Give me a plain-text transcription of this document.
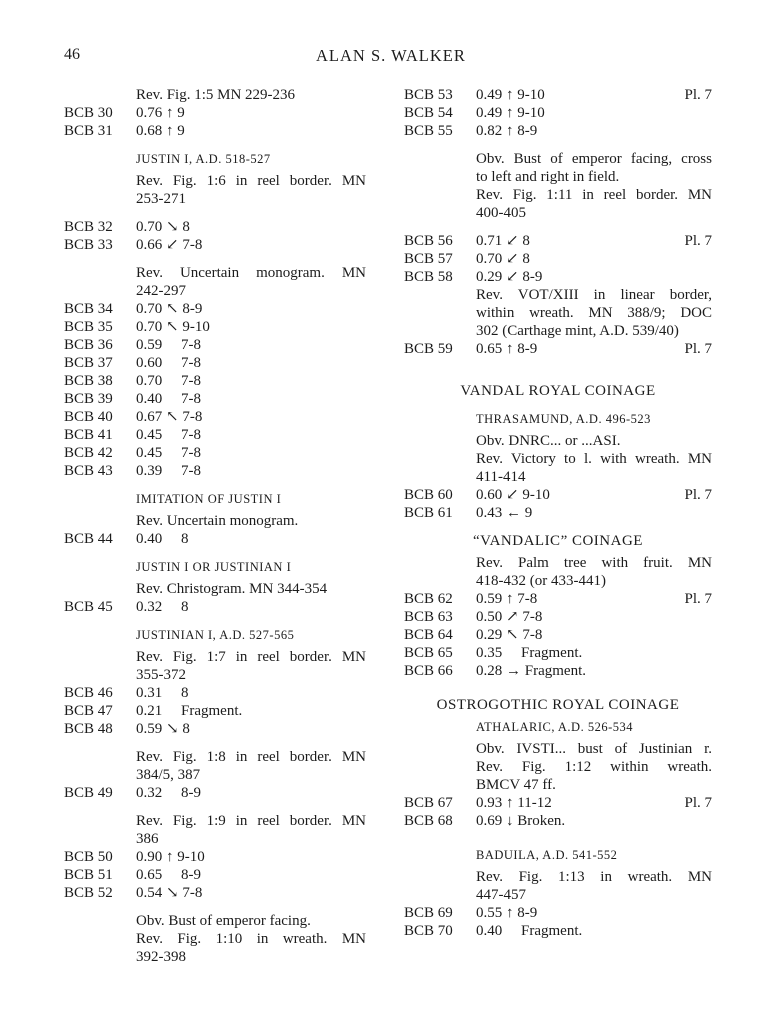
46	ALAN S. WALKER
Rev. Fig. 1:5 MN 229-236
BCB 30	0.76 ↑ 9
BCB 31	0.68 ↑ 9
JUSTIN I, A.D. 518-527
Rev. Fig. 1:6 in reel border. MN
253-271
BCB 32	0.70 ↘ 8
BCB 33	0.66 ↙ 7-8
Rev. Uncertain monogram. MN
242-297
BCB 34	0.70 ↖ 8-9
BCB 35	0.70 ↖ 9-10
BCB 36	0.59     7-8
BCB 37	0.60     7-8
BCB 38	0.70     7-8
BCB 39	0.40     7-8
BCB 40	0.67 ↖ 7-8
BCB 41	0.45     7-8
BCB 42	0.45     7-8
BCB 43	0.39     7-8
IMITATION OF JUSTIN I
Rev. Uncertain monogram.
BCB 44	0.40     8
JUSTIN I OR JUSTINIAN I
Rev. Christogram. MN 344-354
BCB 45	0.32     8
JUSTINIAN I, A.D. 527-565
Rev. Fig. 1:7 in reel border. MN
355-372
BCB 46	0.31     8
BCB 47	0.21     Fragment.
BCB 48	0.59 ↘ 8
Rev. Fig. 1:8 in reel border. MN
384/5, 387
BCB 49	0.32     8-9
Rev. Fig. 1:9 in reel border. MN
386
BCB 50	0.90 ↑ 9-10
BCB 51	0.65     8-9
BCB 52	0.54 ↘ 7-8
Obv. Bust of emperor facing.
Rev. Fig. 1:10 in wreath. MN
392-398
BCB 53	0.49 ↑ 9-10	Pl. 7
BCB 54	0.49 ↑ 9-10
BCB 55	0.82 ↑ 8-9
Obv. Bust of emperor facing, cross
to left and right in field.
Rev. Fig. 1:11 in reel border. MN
400-405
BCB 56	0.71 ↙ 8	Pl. 7
BCB 57	0.70 ↙ 8
BCB 58	0.29 ↙ 8-9
Rev. VOT/XIII in linear border,
within wreath. MN 388/9; DOC
302 (Carthage mint, A.D. 539/40)
BCB 59	0.65 ↑ 8-9	Pl. 7
VANDAL ROYAL COINAGE
THRASAMUND, A.D. 496-523
Obv. DNRC... or ...ASI.
Rev. Victory to l. with wreath. MN
411-414
BCB 60	0.60 ↙ 9-10	Pl. 7
BCB 61	0.43 ← 9
“VANDALIC” COINAGE
Rev. Palm tree with fruit. MN
418-432 (or 433-441)
BCB 62	0.59 ↑ 7-8	Pl. 7
BCB 63	0.50 ↗ 7-8
BCB 64	0.29 ↖ 7-8
BCB 65	0.35     Fragment.
BCB 66	0.28 → Fragment.
OSTROGOTHIC ROYAL COINAGE
ATHALARIC, A.D. 526-534
Obv. IVSTI... bust of Justinian r.
Rev. Fig. 1:12 within wreath.
BMCV 47 ff.
BCB 67	0.93 ↑ 11-12	Pl. 7
BCB 68	0.69 ↓ Broken.
BADUILA, A.D. 541-552
Rev. Fig. 1:13 in wreath. MN
447-457
BCB 69	0.55 ↑ 8-9
BCB 70	0.40     Fragment.
